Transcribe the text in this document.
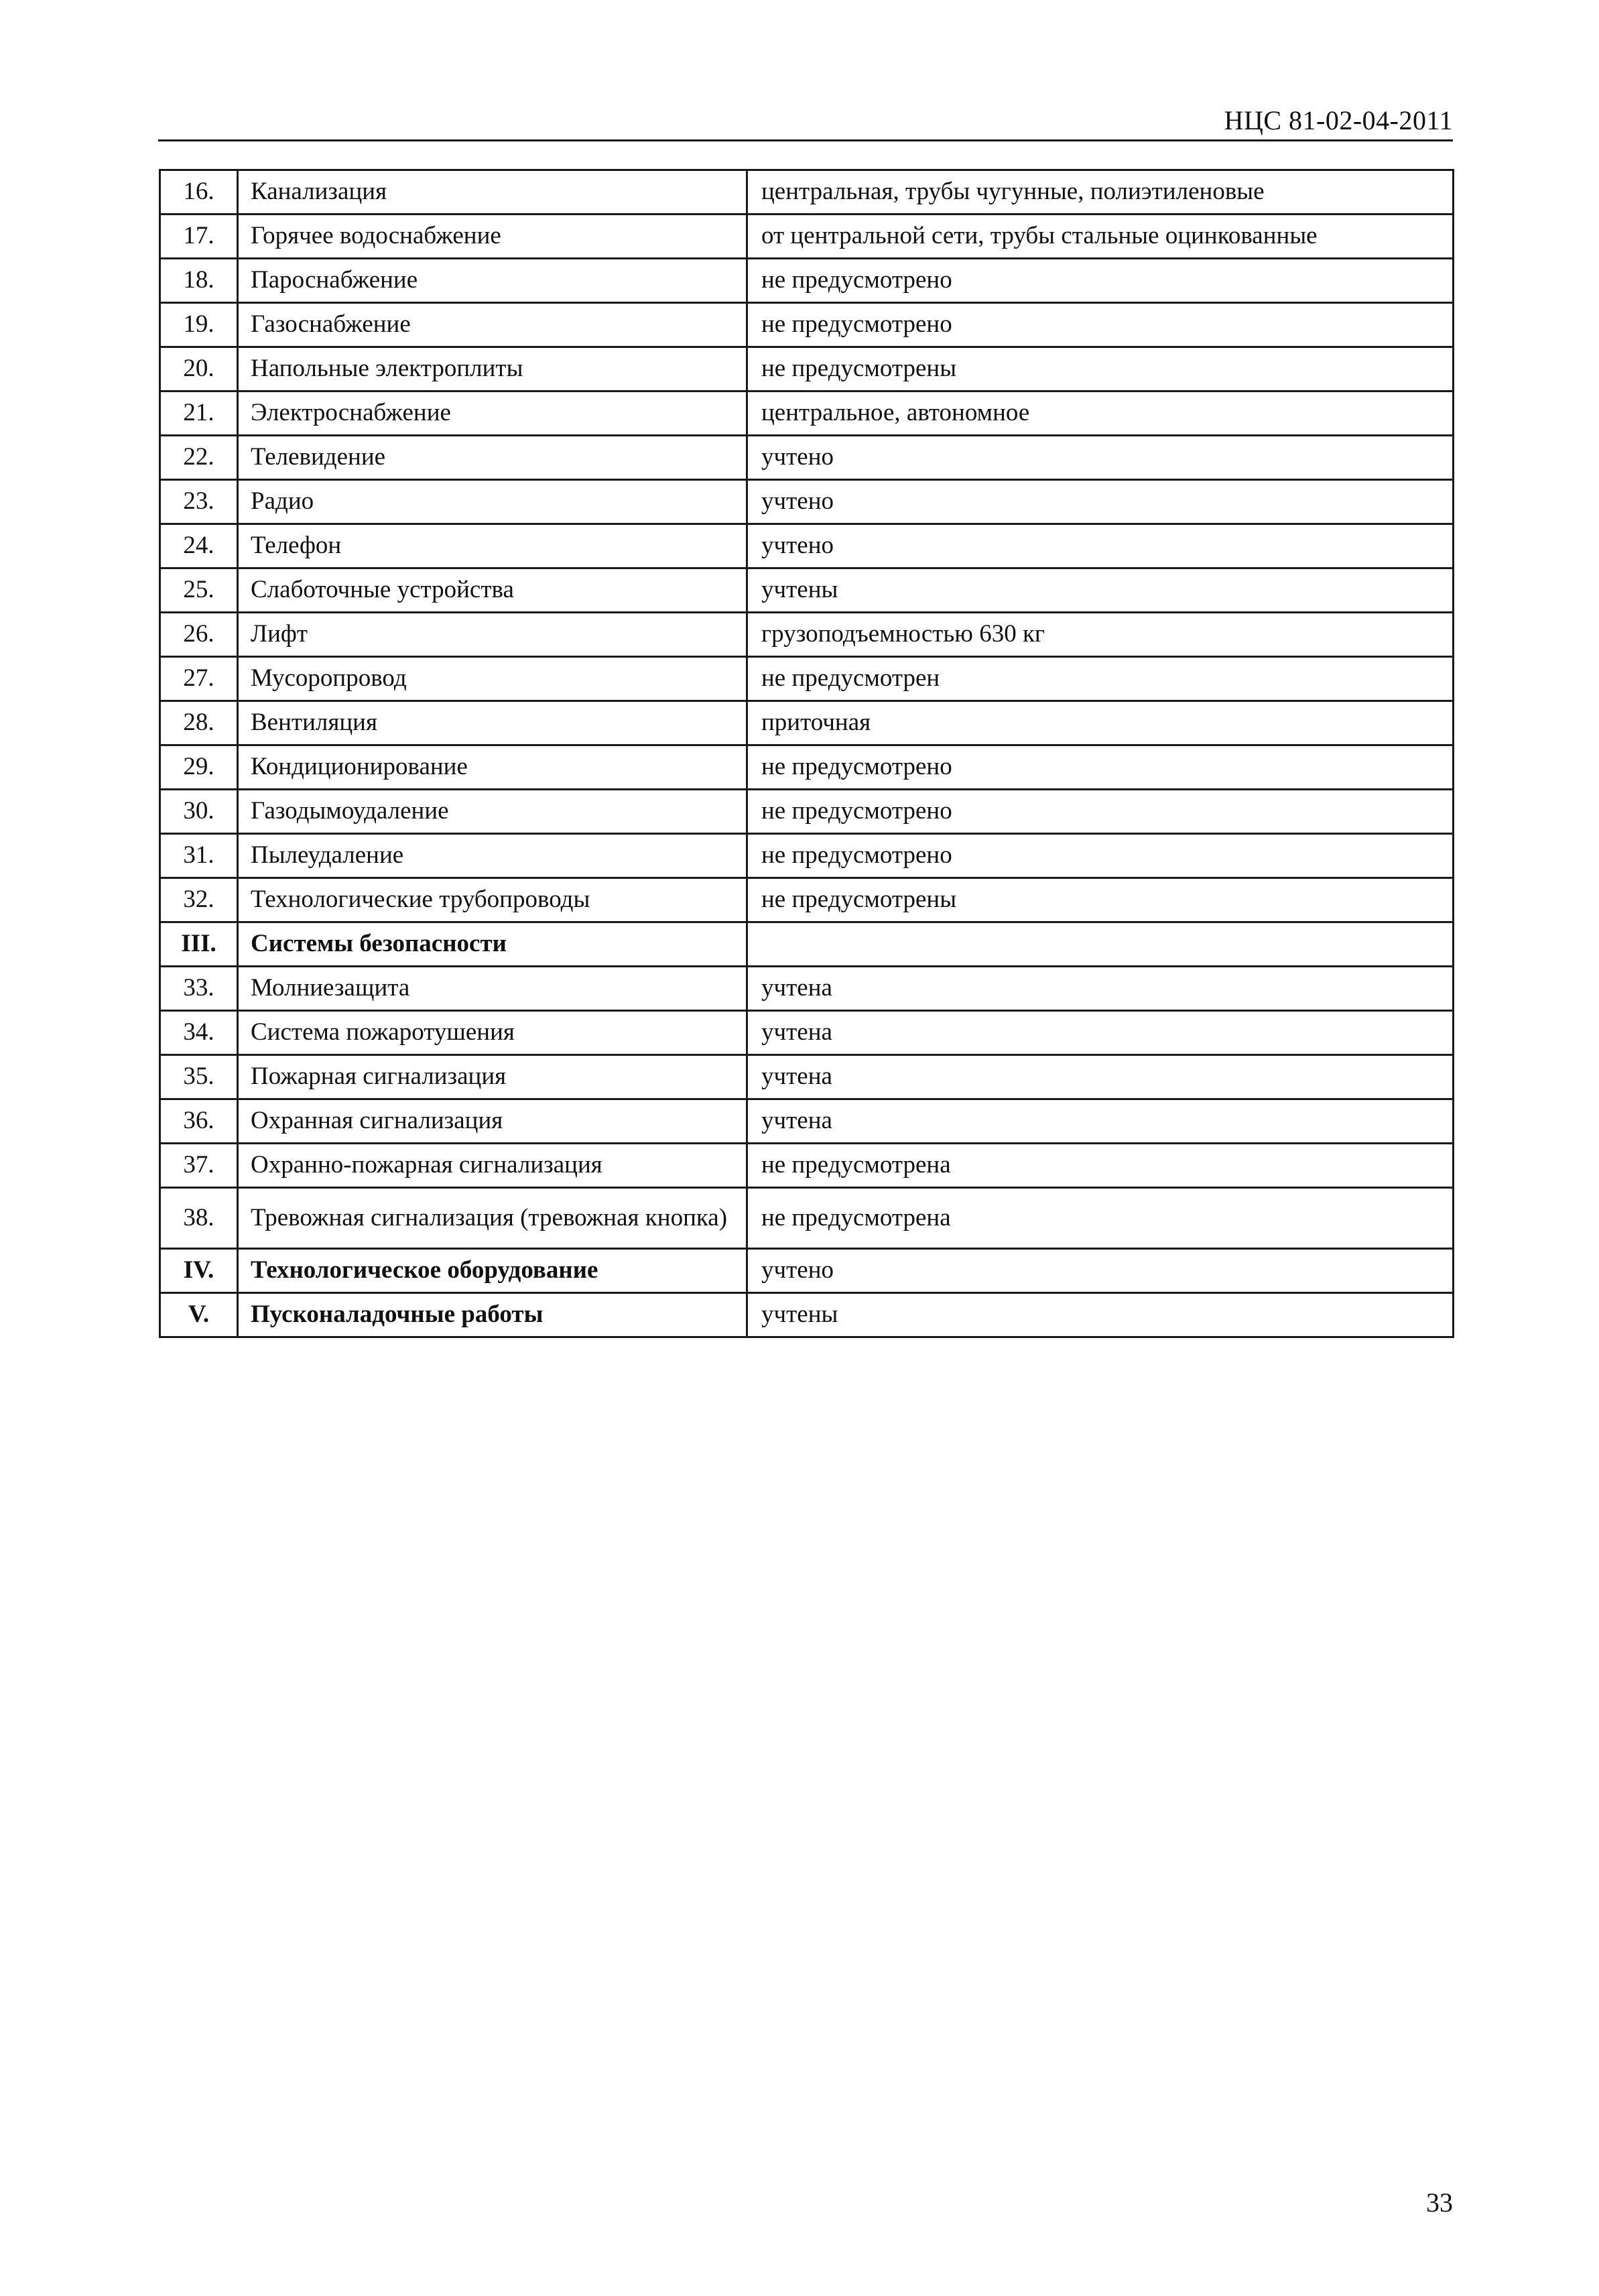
НЦС 81-02-04-2011
16.	Канализация	центральная, трубы чугунные, полиэтиленовые
17.	Горячее водоснабжение	от центральной сети, трубы стальные оцинкованные
18.	Пароснабжение	не предусмотрено
19.	Газоснабжение	не предусмотрено
20.	Напольные электроплиты	не предусмотрены
21.	Электроснабжение	центральное, автономное
22.	Телевидение	учтено
23.	Радио	учтено
24.	Телефон	учтено
25.	Слаботочные устройства	учтены
26.	Лифт	грузоподъемностью 630 кг
27.	Мусоропровод	не предусмотрен
28.	Вентиляция	приточная
29.	Кондиционирование	не предусмотрено
30.	Газодымоудаление	не предусмотрено
31.	Пылеудаление	не предусмотрено
32.	Технологические трубопроводы	не предусмотрены
III.	Системы безопасности	
33.	Молниезащита	учтена
34.	Система пожаротушения	учтена
35.	Пожарная сигнализация	учтена
36.	Охранная сигнализация	учтена
37.	Охранно-пожарная сигнализация	не предусмотрена
38.	Тревожная сигнализация (тревожная кнопка)	не предусмотрена
IV.	Технологическое оборудование	учтено
V.	Пусконаладочные работы	учтены
33
